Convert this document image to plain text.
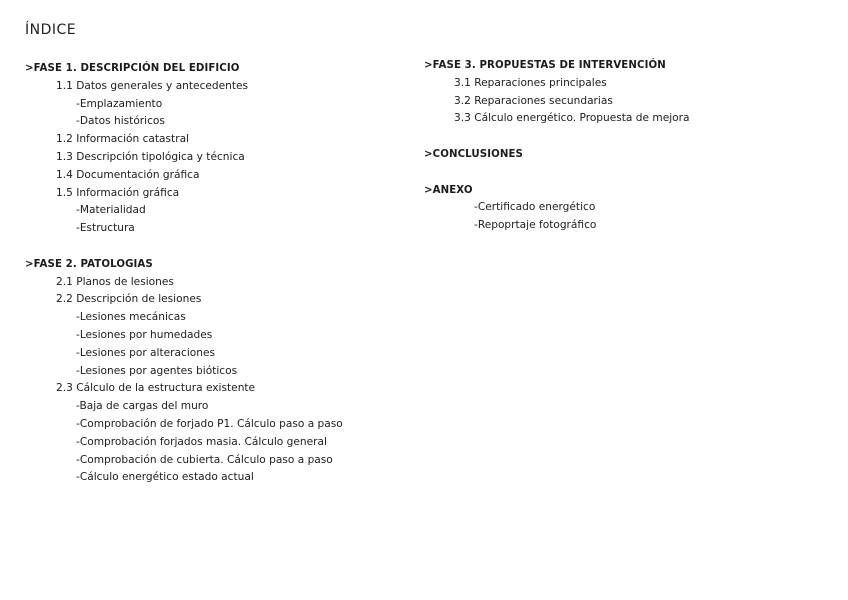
ÍNDICE
>FASE 1. DESCRIPCIÓN DEL EDIFICIO
1.1 Datos generales y antecedentes
-Emplazamiento
-Datos históricos
1.2 Información catastral
1.3 Descripción tipológica y técnica
1.4 Documentación gráfica
1.5 Información gráfica
-Materialidad
-Estructura
>FASE 2. PATOLOGIAS
2.1 Planos de lesiones
2.2 Descripción de lesiones
-Lesiones mecánicas
-Lesiones por humedades
-Lesiones por alteraciones
-Lesiones por agentes bióticos
2.3 Cálculo de la estructura existente
-Baja de cargas del muro
-Comprobación de forjado P1. Cálculo paso a paso
-Comprobación forjados masia. Cálculo general
-Comprobación de cubierta. Cálculo paso a paso
-Cálculo energético estado actual
>FASE 3. PROPUESTAS DE INTERVENCIÓN
3.1 Reparaciones principales
3.2 Reparaciones secundarias
3.3 Cálculo energético. Propuesta de mejora
>CONCLUSIONES
>ANEXO
-Certificado energético
-Repoprtaje fotográfico
